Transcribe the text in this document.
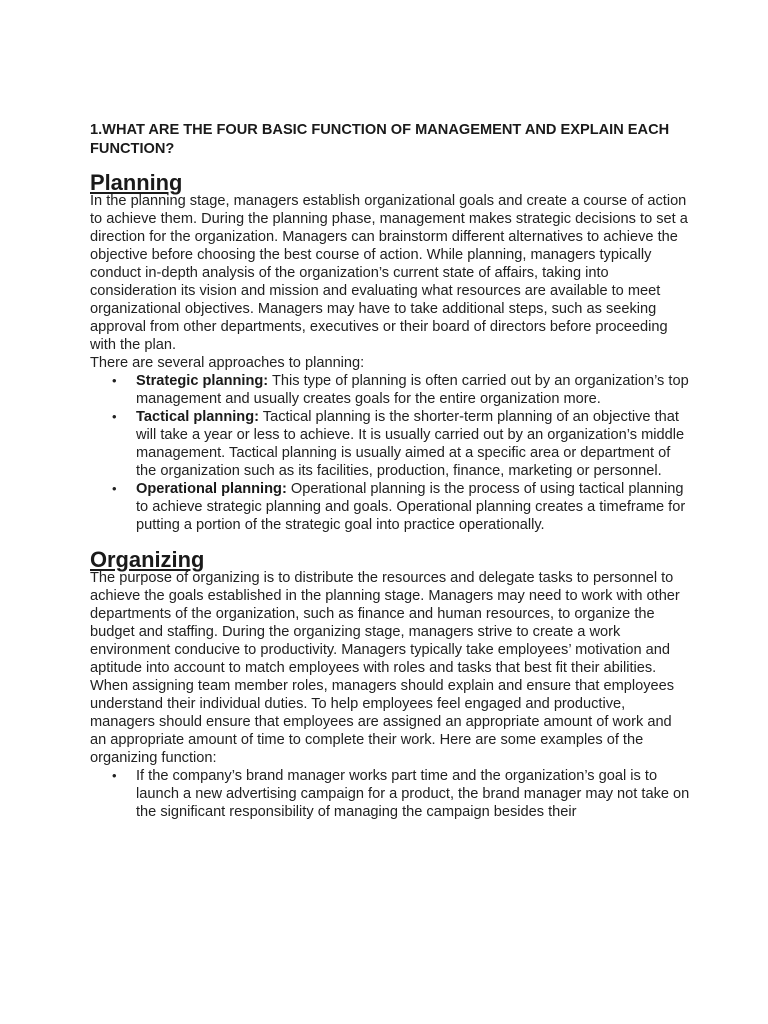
1.WHAT ARE THE FOUR BASIC FUNCTION OF MANAGEMENT AND EXPLAIN EACH FUNCTION?
Planning

In the planning stage, managers establish organizational goals and create a course of action to achieve them. During the planning phase, management makes strategic decisions to set a direction for the organization. Managers can brainstorm different alternatives to achieve the objective before choosing the best course of action. While planning, managers typically conduct in-depth analysis of the organization’s current state of affairs, taking into consideration its vision and mission and evaluating what resources are available to meet organizational objectives. Managers may have to take additional steps, such as seeking approval from other departments, executives or their board of directors before proceeding with the plan.

There are several approaches to planning:

• Strategic planning: This type of planning is often carried out by an organization’s top management and usually creates goals for the entire organization more.
• Tactical planning: Tactical planning is the shorter-term planning of an objective that will take a year or less to achieve. It is usually carried out by an organization’s middle management. Tactical planning is usually aimed at a specific area or department of the organization such as its facilities, production, finance, marketing or personnel.
• Operational planning: Operational planning is the process of using tactical planning to achieve strategic planning and goals. Operational planning creates a timeframe for putting a portion of the strategic goal into practice operationally.
Organizing

The purpose of organizing is to distribute the resources and delegate tasks to personnel to achieve the goals established in the planning stage. Managers may need to work with other departments of the organization, such as finance and human resources, to organize the budget and staffing. During the organizing stage, managers strive to create a work environment conducive to productivity. Managers typically take employees’ motivation and aptitude into account to match employees with roles and tasks that best fit their abilities. When assigning team member roles, managers should explain and ensure that employees understand their individual duties. To help employees feel engaged and productive, managers should ensure that employees are assigned an appropriate amount of work and an appropriate amount of time to complete their work. Here are some examples of the organizing function:

• If the company’s brand manager works part time and the organization’s goal is to launch a new advertising campaign for a product, the brand manager may not take on the significant responsibility of managing the campaign besides their
